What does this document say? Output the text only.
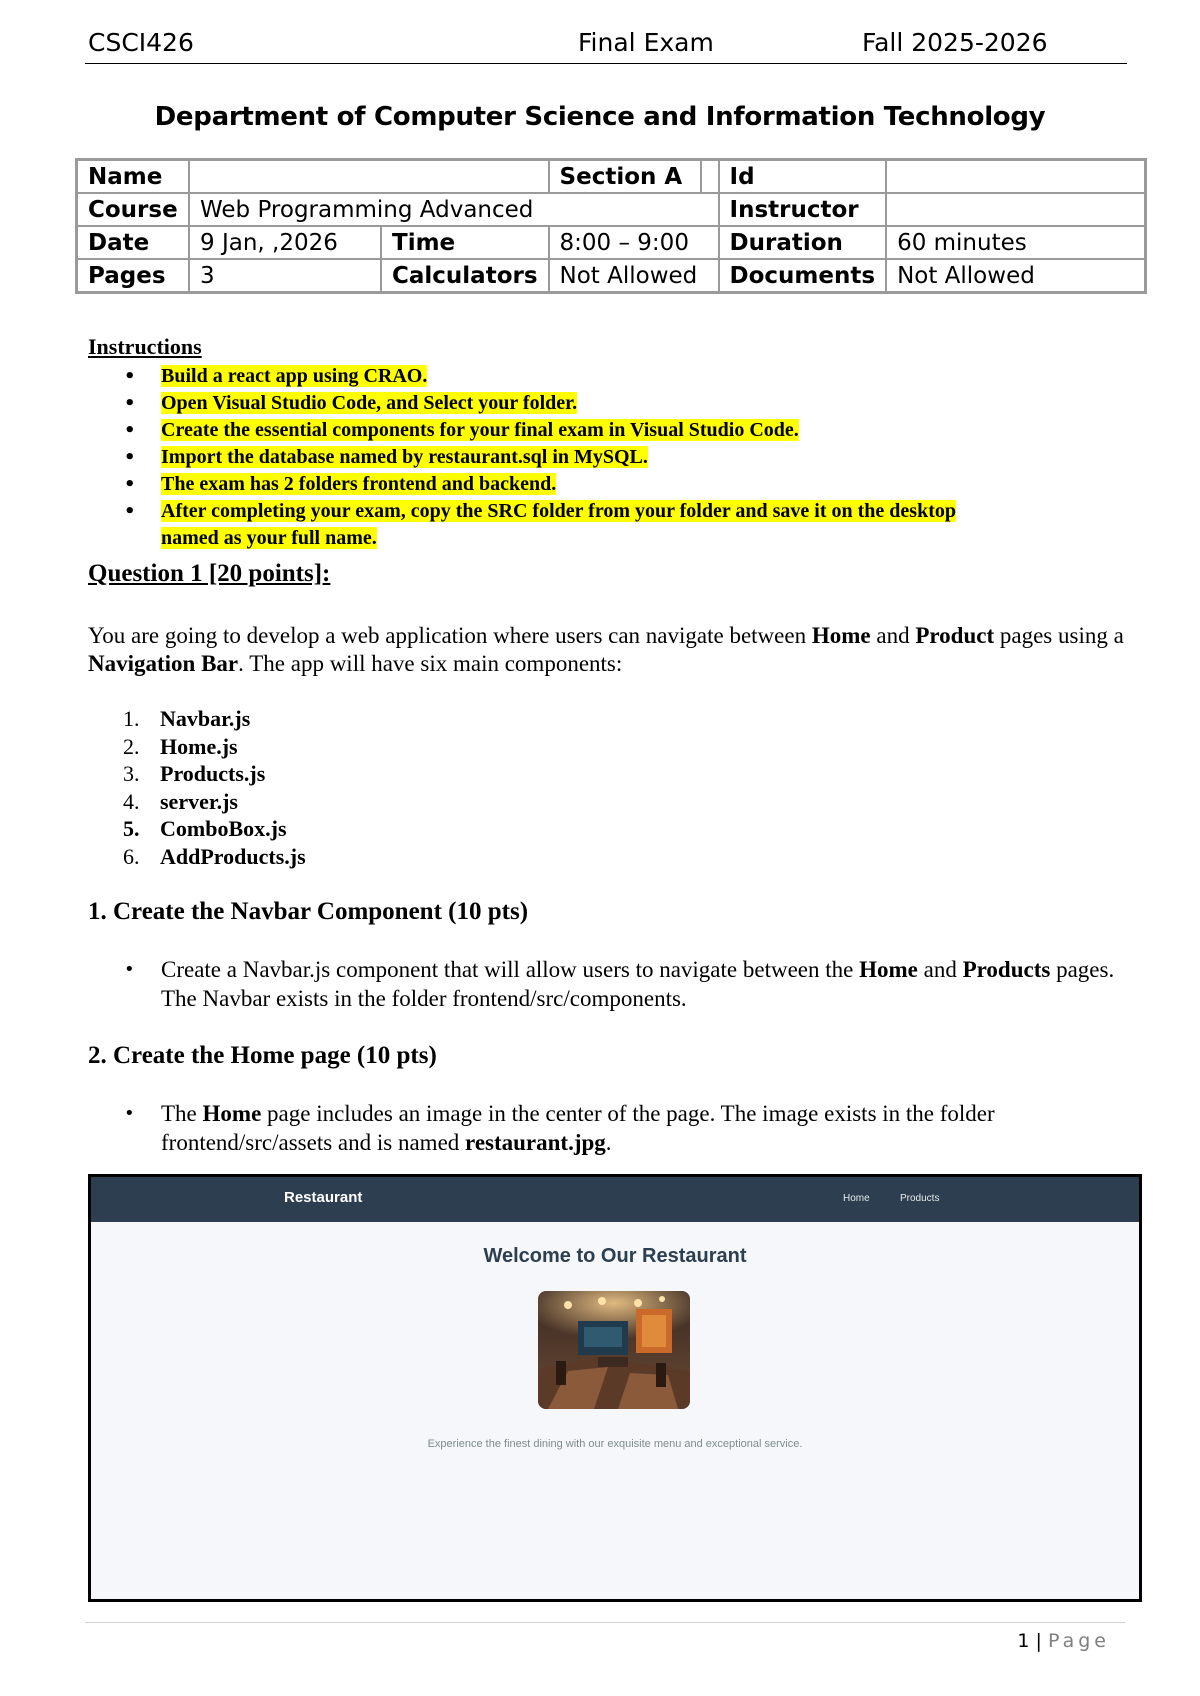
CSCI426	Final Exam	Fall 2025-2026
Department of Computer Science and Information Technology
Name			Section A		Id	
Course	Web Programming Advanced				Instructor	
Date	9 Jan, ,2026	Time	8:00 – 9:00		Duration	60 minutes
Pages	3	Calculators	Not Allowed		Documents	Not Allowed
Instructions
• Build a react app using CRAO.
• Open Visual Studio Code, and Select your folder.
• Create the essential components for your final exam in Visual Studio Code.
• Import the database named by restaurant.sql in MySQL.
• The exam has 2 folders frontend and backend.
• After completing your exam, copy the SRC folder from your folder and save it on the desktop
named as your full name.
Question 1 [20 points]:
You are going to develop a web application where users can navigate between Home and Product pages using a Navigation Bar. The app will have six main components:
1. Navbar.js
2. Home.js
3. Products.js
4. server.js
5. ComboBox.js
6. AddProducts.js
1. Create the Navbar Component (10 pts)
• Create a Navbar.js component that will allow users to navigate between the Home and Products pages. The Navbar exists in the folder frontend/src/components.
2. Create the Home page (10 pts)
• The Home page includes an image in the center of the page. The image exists in the folder frontend/src/assets and is named restaurant.jpg.
Restaurant	Home	Products
Welcome to Our Restaurant
Experience the finest dining with our exquisite menu and exceptional service.
1 | Page
